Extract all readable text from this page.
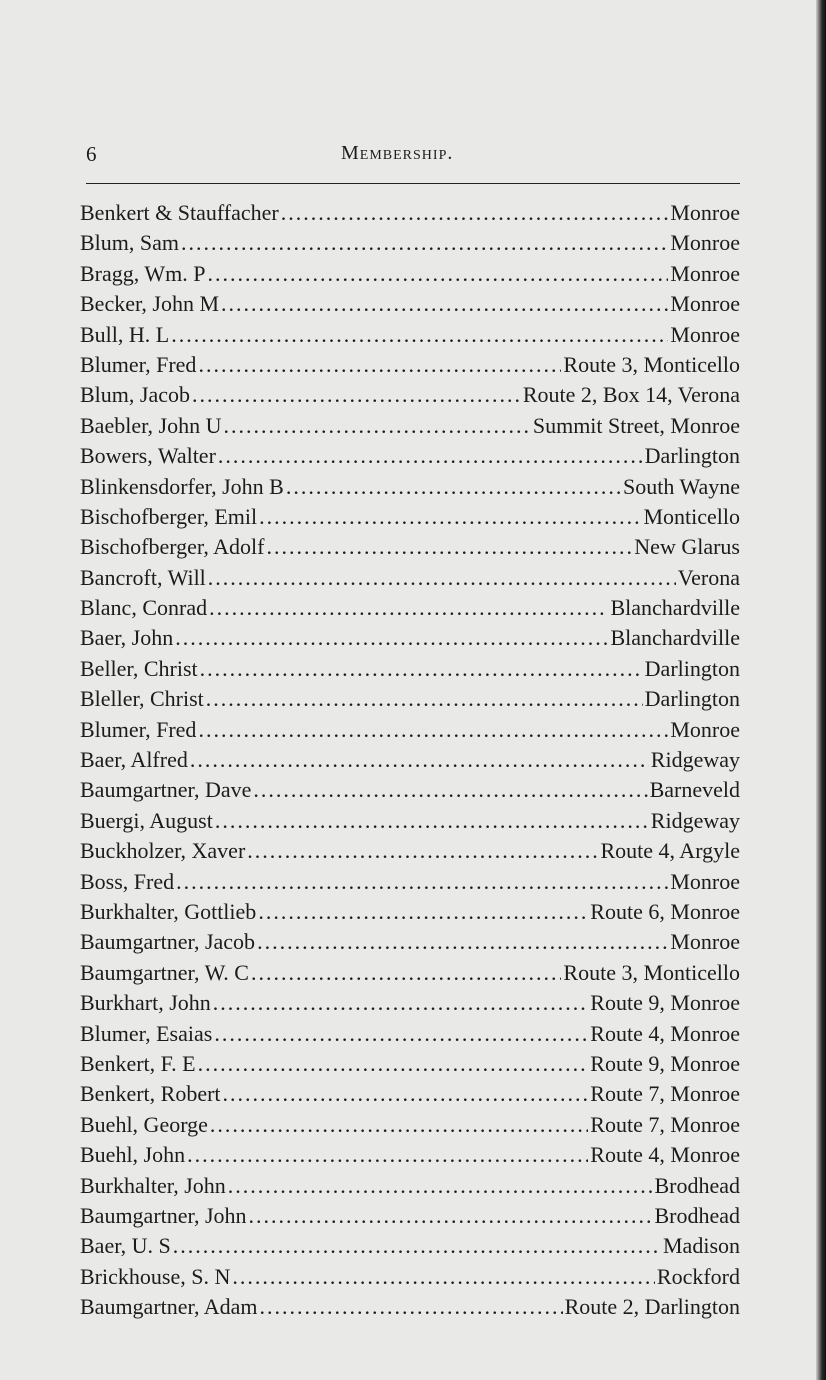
6	Membership.
Benkert & Stauffacher .....	Monroe
Blum, Sam .....	Monroe
Bragg, Wm. P .....	Monroe
Becker, John M .....	Monroe
Bull, H. L .....	Monroe
Blumer, Fred .....	Route 3, Monticello
Blum, Jacob .....	Route 2, Box 14, Verona
Baebler, John U .....	Summit Street, Monroe
Bowers, Walter .....	Darlington
Blinkensdorfer, John B .....	South Wayne
Bischofberger, Emil .....	Monticello
Bischofberger, Adolf .....	New Glarus
Bancroft, Will .....	Verona
Blanc, Conrad .....	Blanchardville
Baer, John .....	Blanchardville
Beller, Christ .....	Darlington
Bleller, Christ .....	Darlington
Blumer, Fred .....	Monroe
Baer, Alfred .....	Ridgeway
Baumgartner, Dave .....	Barneveld
Buergi, August .....	Ridgeway
Buckholzer, Xaver .....	Route 4, Argyle
Boss, Fred .....	Monroe
Burkhalter, Gottlieb .....	Route 6, Monroe
Baumgartner, Jacob .....	Monroe
Baumgartner, W. C .....	Route 3, Monticello
Burkhart, John .....	Route 9, Monroe
Blumer, Esaias .....	Route 4, Monroe
Benkert, F. E .....	Route 9, Monroe
Benkert, Robert .....	Route 7, Monroe
Buehl, George .....	Route 7, Monroe
Buehl, John .....	Route 4, Monroe
Burkhalter, John .....	Brodhead
Baumgartner, John .....	Brodhead
Baer, U. S .....	Madison
Brickhouse, S. N .....	Rockford
Baumgartner, Adam .....	Route 2, Darlington
